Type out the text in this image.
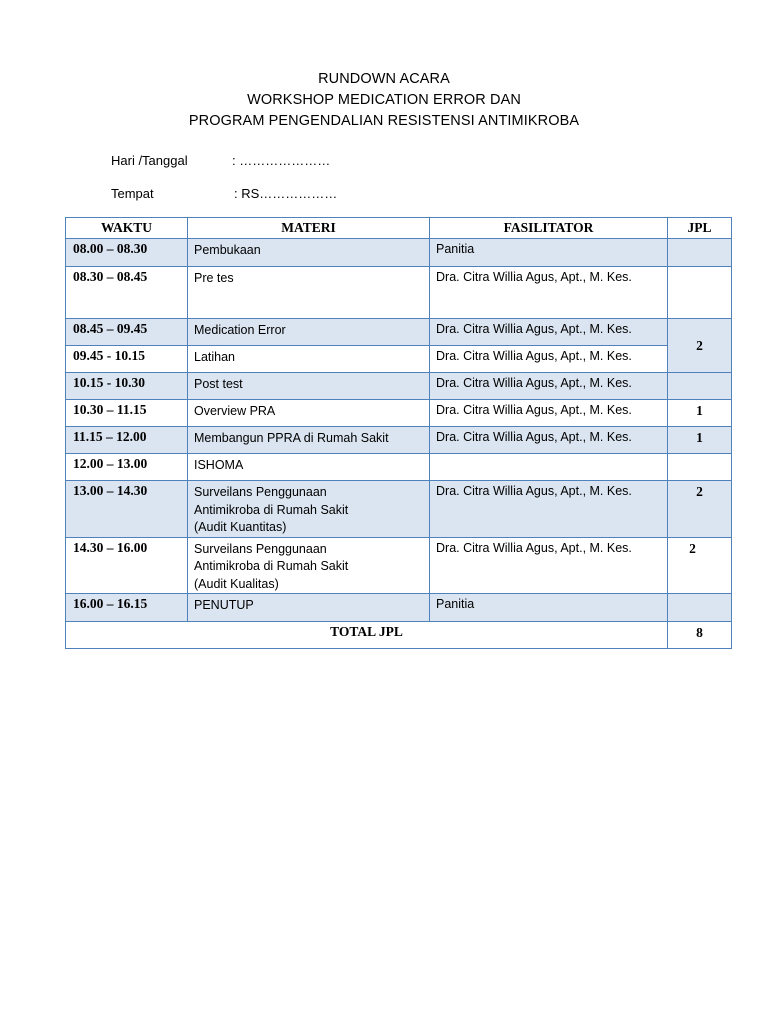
RUNDOWN ACARA
WORKSHOP MEDICATION ERROR DAN
PROGRAM PENGENDALIAN RESISTENSI ANTIMIKROBA
Hari /Tanggal	: …………………
Tempat	: RS………………
WAKTU	MATERI	FASILITATOR	JPL
08.00 – 08.30	Pembukaan	Panitia	
08.30 – 08.45	Pre tes	Dra. Citra Willia Agus, Apt., M. Kes.	
08.45 – 09.45	Medication Error	Dra. Citra Willia Agus, Apt., M. Kes.	2
09.45 - 10.15	Latihan	Dra. Citra Willia Agus, Apt., M. Kes.	
10.15 - 10.30	Post test	Dra. Citra Willia Agus, Apt., M. Kes.	
10.30 – 11.15	Overview PRA	Dra. Citra Willia Agus, Apt., M. Kes.	1
11.15 – 12.00	Membangun PPRA di Rumah Sakit	Dra. Citra Willia Agus, Apt., M. Kes.	1
12.00 – 13.00	ISHOMA		

13.00 – 14.30	Surveilans Penggunaan
Antimikroba di Rumah Sakit
(Audit Kuantitas)	Dra. Citra Willia Agus, Apt., M. Kes.	2
14.30 – 16.00	Surveilans Penggunaan
Antimikroba di Rumah Sakit
(Audit Kualitas)	Dra. Citra Willia Agus, Apt., M. Kes.	2
16.00 – 16.15	PENUTUP	Panitia	
TOTAL JPL			8
